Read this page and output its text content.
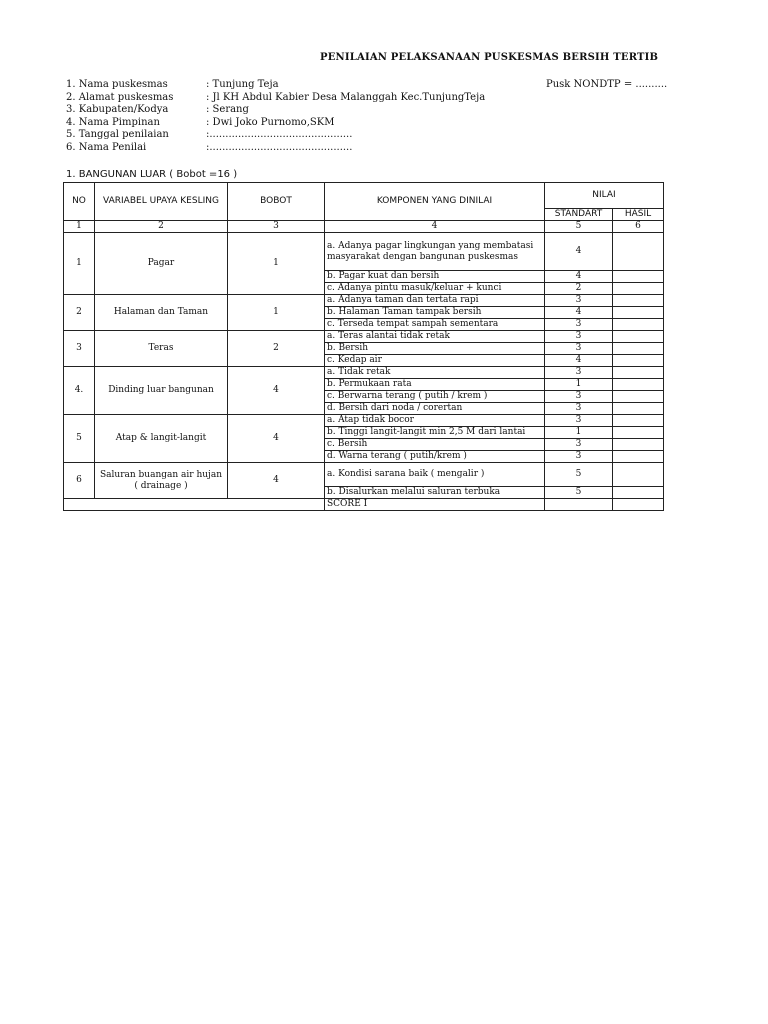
PENILAIAN PELAKSANAAN PUSKESMAS BERSIH TERTIB
1. Nama puskesmas	: Tunjung Teja
2. Alamat puskesmas	: Jl KH Abdul Kabier Desa Malanggah Kec.TunjungTeja
3. Kabupaten/Kodya	: Serang
4. Nama Pimpinan	: Dwi Joko Purnomo,SKM
5. Tanggal penilaian	:.............................................
6. Nama Penilai	:.............................................
Pusk NONDTP = ..........
1. BANGUNAN LUAR ( Bobot =16 )
NO	VARIABEL UPAYA KESLING	BOBOT	KOMPONEN YANG DINILAI	NILAI	
				STANDART	HASIL
1	2	3	4	5	6
1	Pagar	1	a. Adanya pagar lingkungan yang membatasi masyarakat dengan bangunan puskesmas	4	
			b. Pagar kuat dan bersih	4	
			c. Adanya pintu masuk/keluar + kunci	2	
2	Halaman dan Taman	1	a. Adanya taman dan tertata rapi	3	
			b. Halaman Taman tampak bersih	4	
			c. Terseda tempat sampah sementara	3	
3	Teras	2	a. Teras alantai tidak retak	3	
			b. Bersih	3	
			c. Kedap air	4	
4.	Dinding luar bangunan	4	a. Tidak retak	3	
			b. Permukaan rata	1	
			c. Berwarna terang ( putih / krem )	3	
			d. Bersih dari noda / corertan	3	
5	Atap & langit-langit	4	a. Atap tidak bocor	3	
			b. Tinggi langit-langit min 2,5 M dari lantai	1	
			c. Bersih	3	
			d. Warna terang ( putih/krem )	3	
6	Saluran buangan air hujan ( drainage )	4	a. Kondisi sarana baik ( mengalir )	5	
			b. Disalurkan melalui saluran terbuka	5	
			SCORE I		
